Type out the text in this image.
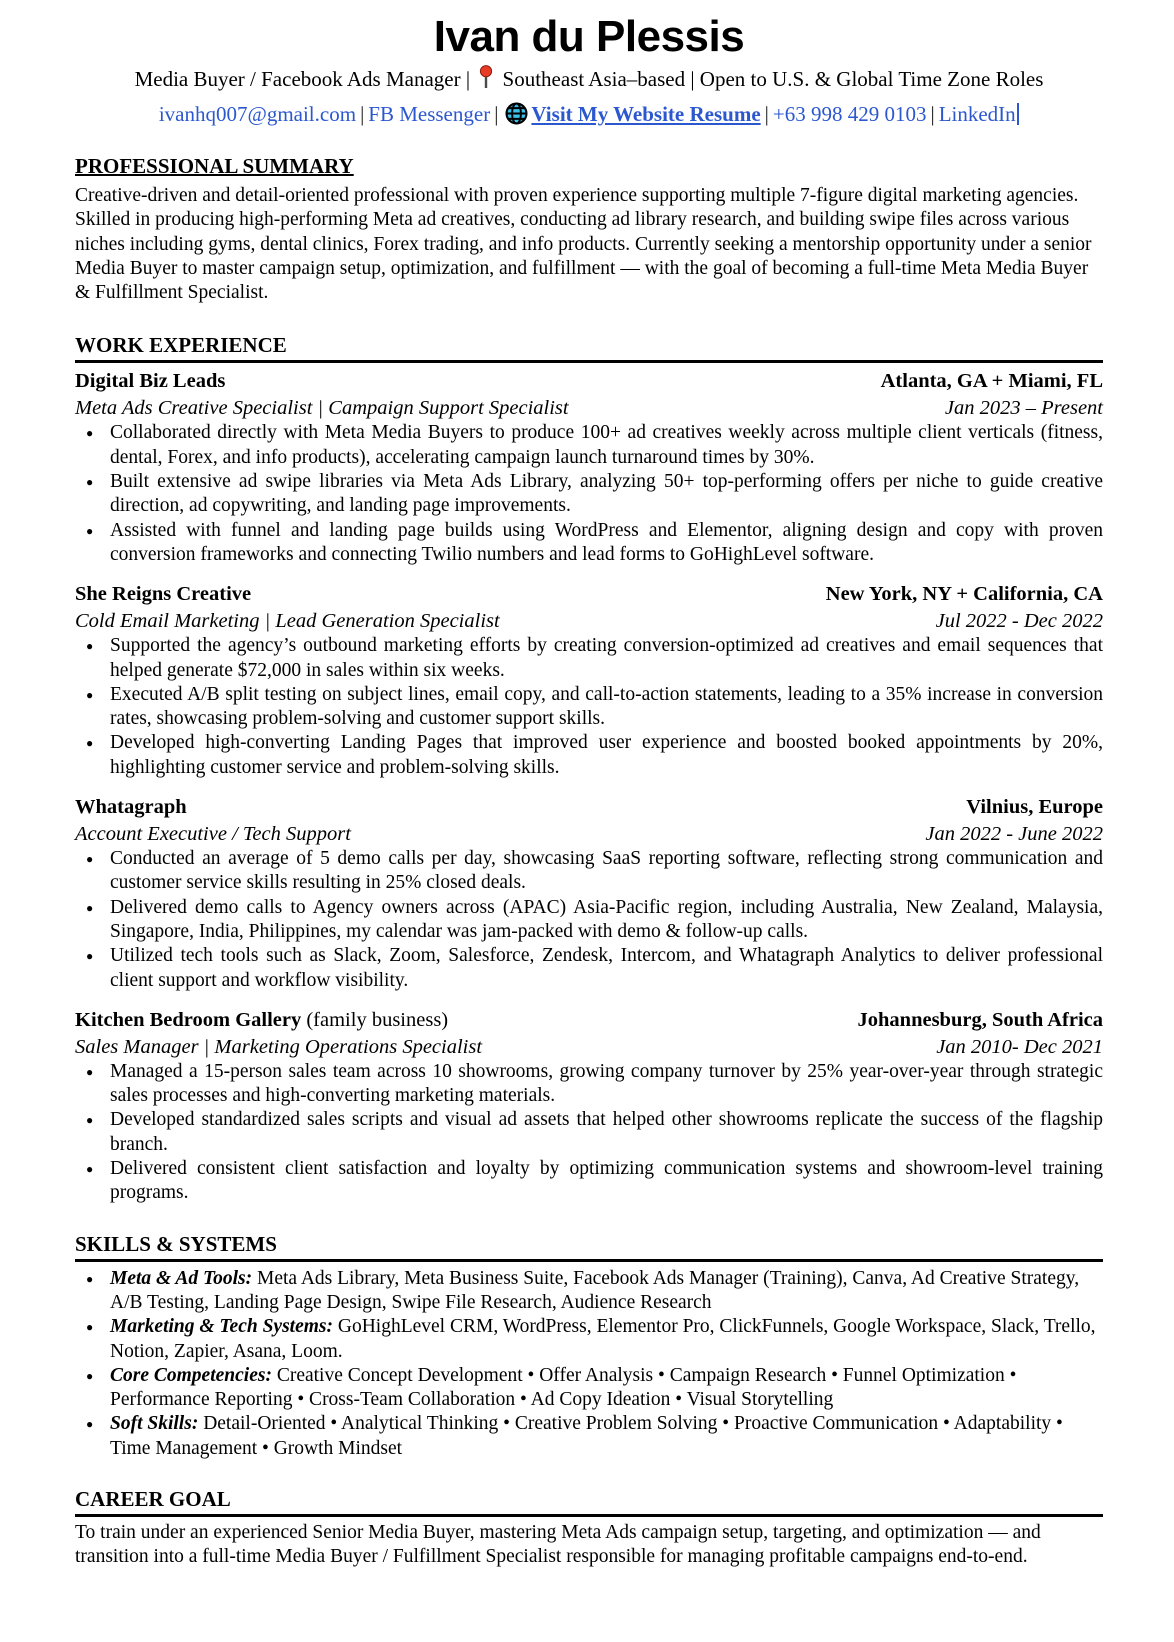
Ivan du Plessis
Media Buyer / Facebook Ads Manager | Southeast Asia–based | Open to U.S. & Global Time Zone Roles
ivanhq007@gmail.com | FB Messenger | Visit My Website Resume | +63 998 429 0103 | LinkedIn
PROFESSIONAL SUMMARY

Creative-driven and detail-oriented professional with proven experience supporting multiple 7-figure digital marketing agencies. Skilled in producing high-performing Meta ad creatives, conducting ad library research, and building swipe files across various niches including gyms, dental clinics, Forex trading, and info products. Currently seeking a mentorship opportunity under a senior Media Buyer to master campaign setup, optimization, and fulfillment — with the goal of becoming a full-time Meta Media Buyer & Fulfillment Specialist.

WORK EXPERIENCE
Digital Biz Leads	Atlanta, GA + Miami, FL
Meta Ads Creative Specialist | Campaign Support Specialist	Jan 2023 – Present
● Collaborated directly with Meta Media Buyers to produce 100+ ad creatives weekly across multiple client verticals (fitness, dental, Forex, and info products), accelerating campaign launch turnaround times by 30%.
● Built extensive ad swipe libraries via Meta Ads Library, analyzing 50+ top-performing offers per niche to guide creative direction, ad copywriting, and landing page improvements.
● Assisted with funnel and landing page builds using WordPress and Elementor, aligning design and copy with proven conversion frameworks and connecting Twilio numbers and lead forms to GoHighLevel software.
She Reigns Creative	New York, NY + California, CA
Cold Email Marketing | Lead Generation Specialist	Jul 2022 - Dec 2022
● Supported the agency’s outbound marketing efforts by creating conversion-optimized ad creatives and email sequences that helped generate $72,000 in sales within six weeks.
● Executed A/B split testing on subject lines, email copy, and call-to-action statements, leading to a 35% increase in conversion rates, showcasing problem-solving and customer support skills.
● Developed high-converting Landing Pages that improved user experience and boosted booked appointments by 20%, highlighting customer service and problem-solving skills.
Whatagraph	Vilnius, Europe
Account Executive / Tech Support	Jan 2022 - June 2022
● Conducted an average of 5 demo calls per day, showcasing SaaS reporting software, reflecting strong communication and customer service skills resulting in 25% closed deals.
● Delivered demo calls to Agency owners across (APAC) Asia-Pacific region, including Australia, New Zealand, Malaysia, Singapore, India, Philippines, my calendar was jam-packed with demo & follow-up calls.
● Utilized tech tools such as Slack, Zoom, Salesforce, Zendesk, Intercom, and Whatagraph Analytics to deliver professional client support and workflow visibility.
Kitchen Bedroom Gallery (family business)	Johannesburg, South Africa
Sales Manager | Marketing Operations Specialist	Jan 2010- Dec 2021
● Managed a 15-person sales team across 10 showrooms, growing company turnover by 25% year-over-year through strategic sales processes and high-converting marketing materials.
● Developed standardized sales scripts and visual ad assets that helped other showrooms replicate the success of the flagship branch.
● Delivered consistent client satisfaction and loyalty by optimizing communication systems and showroom-level training programs.
SKILLS & SYSTEMS
● Meta & Ad Tools: Meta Ads Library, Meta Business Suite, Facebook Ads Manager (Training), Canva, Ad Creative Strategy, A/B Testing, Landing Page Design, Swipe File Research, Audience Research
● Marketing & Tech Systems: GoHighLevel CRM, WordPress, Elementor Pro, ClickFunnels, Google Workspace, Slack, Trello, Notion, Zapier, Asana, Loom.
● Core Competencies: Creative Concept Development • Offer Analysis • Campaign Research • Funnel Optimization • Performance Reporting • Cross-Team Collaboration • Ad Copy Ideation • Visual Storytelling
● Soft Skills: Detail-Oriented • Analytical Thinking • Creative Problem Solving • Proactive Communication • Adaptability • Time Management • Growth Mindset
CAREER GOAL

To train under an experienced Senior Media Buyer, mastering Meta Ads campaign setup, targeting, and optimization — and transition into a full-time Media Buyer / Fulfillment Specialist responsible for managing profitable campaigns end-to-end.
